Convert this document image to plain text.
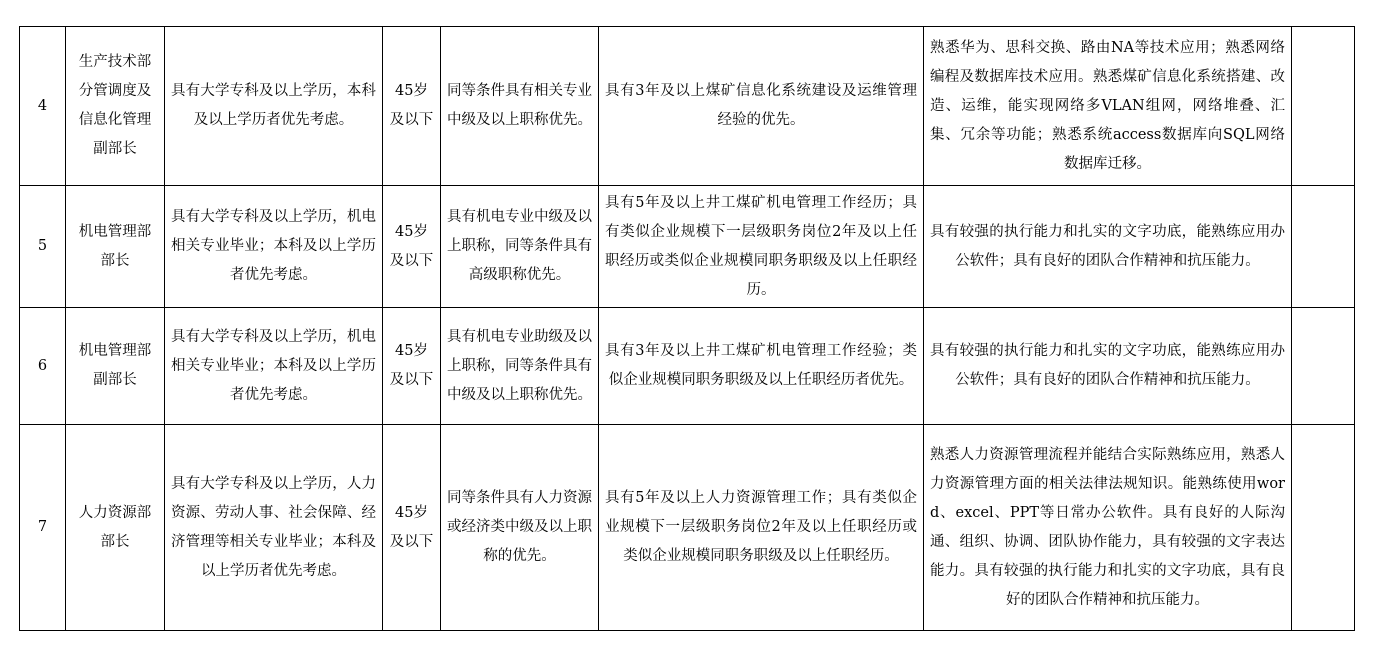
4	生产技术部分管调度及信息化管理副部长	具有大学专科及以上学历，本科及以上学历者优先考虑。	45岁及以下	同等条件具有相关专业中级及以上职称优先。	具有3年及以上煤矿信息化系统建设及运维管理经验的优先。	熟悉华为、思科交换、路由NA等技术应用；熟悉网络编程及数据库技术应用。熟悉煤矿信息化系统搭建、改造、运维，能实现网络多VLAN组网，网络堆叠、汇集、冗余等功能；熟悉系统access数据库向SQL网络数据库迁移。	
5	机电管理部部长	具有大学专科及以上学历，机电相关专业毕业；本科及以上学历者优先考虑。	45岁及以下	具有机电专业中级及以上职称，同等条件具有高级职称优先。	具有5年及以上井工煤矿机电管理工作经历；具有类似企业规模下一层级职务岗位2年及以上任职经历或类似企业规模同职务职级及以上任职经历。	具有较强的执行能力和扎实的文字功底，能熟练应用办公软件；具有良好的团队合作精神和抗压能力。	
6	机电管理部副部长	具有大学专科及以上学历，机电相关专业毕业；本科及以上学历者优先考虑。	45岁及以下	具有机电专业助级及以上职称，同等条件具有中级及以上职称优先。	具有3年及以上井工煤矿机电管理工作经验；类似企业规模同职务职级及以上任职经历者优先。	具有较强的执行能力和扎实的文字功底，能熟练应用办公软件；具有良好的团队合作精神和抗压能力。	
7	人力资源部部长	具有大学专科及以上学历，人力资源、劳动人事、社会保障、经济管理等相关专业毕业；本科及以上学历者优先考虑。	45岁及以下	同等条件具有人力资源或经济类中级及以上职称的优先。	具有5年及以上人力资源管理工作；具有类似企业规模下一层级职务岗位2年及以上任职经历或类似企业规模同职务职级及以上任职经历。	熟悉人力资源管理流程并能结合实际熟练应用，熟悉人力资源管理方面的相关法律法规知识。能熟练使用word、excel、PPT等日常办公软件。具有良好的人际沟通、组织、协调、团队协作能力，具有较强的文字表达能力。具有较强的执行能力和扎实的文字功底，具有良好的团队合作精神和抗压能力。	
